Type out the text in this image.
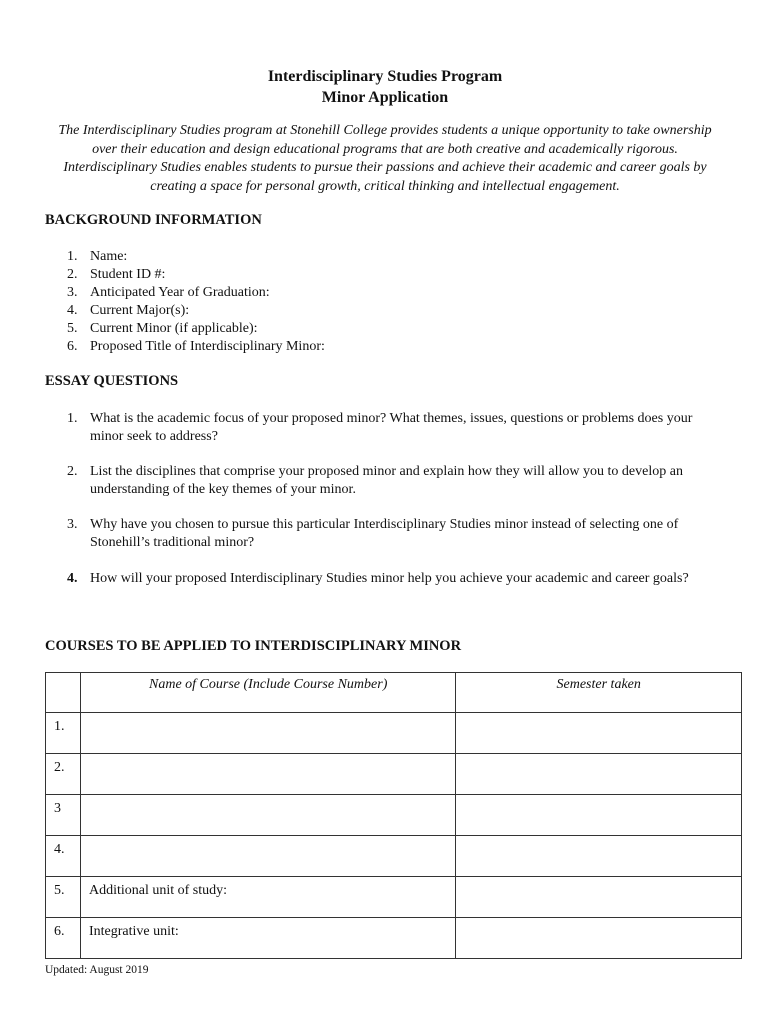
Interdisciplinary Studies Program
Minor Application
The Interdisciplinary Studies program at Stonehill College provides students a unique opportunity to take ownership over their education and design educational programs that are both creative and academically rigorous. Interdisciplinary Studies enables students to pursue their passions and achieve their academic and career goals by creating a space for personal growth, critical thinking and intellectual engagement.
BACKGROUND INFORMATION
1. Name:
2. Student ID #:
3. Anticipated Year of Graduation:
4. Current Major(s):
5. Current Minor (if applicable):
6. Proposed Title of Interdisciplinary Minor:
ESSAY QUESTIONS
1. What is the academic focus of your proposed minor? What themes, issues, questions or problems does your minor seek to address?
2. List the disciplines that comprise your proposed minor and explain how they will allow you to develop an understanding of the key themes of your minor.
3. Why have you chosen to pursue this particular Interdisciplinary Studies minor instead of selecting one of Stonehill’s traditional minor?
4. How will your proposed Interdisciplinary Studies minor help you achieve your academic and career goals?
COURSES TO BE APPLIED TO INTERDISCIPLINARY MINOR
	Name of Course (Include Course Number)	Semester taken
1.		
2.		
3		
4.		
5.	Additional unit of study:	
6.	Integrative unit:	
Updated: August 2019
